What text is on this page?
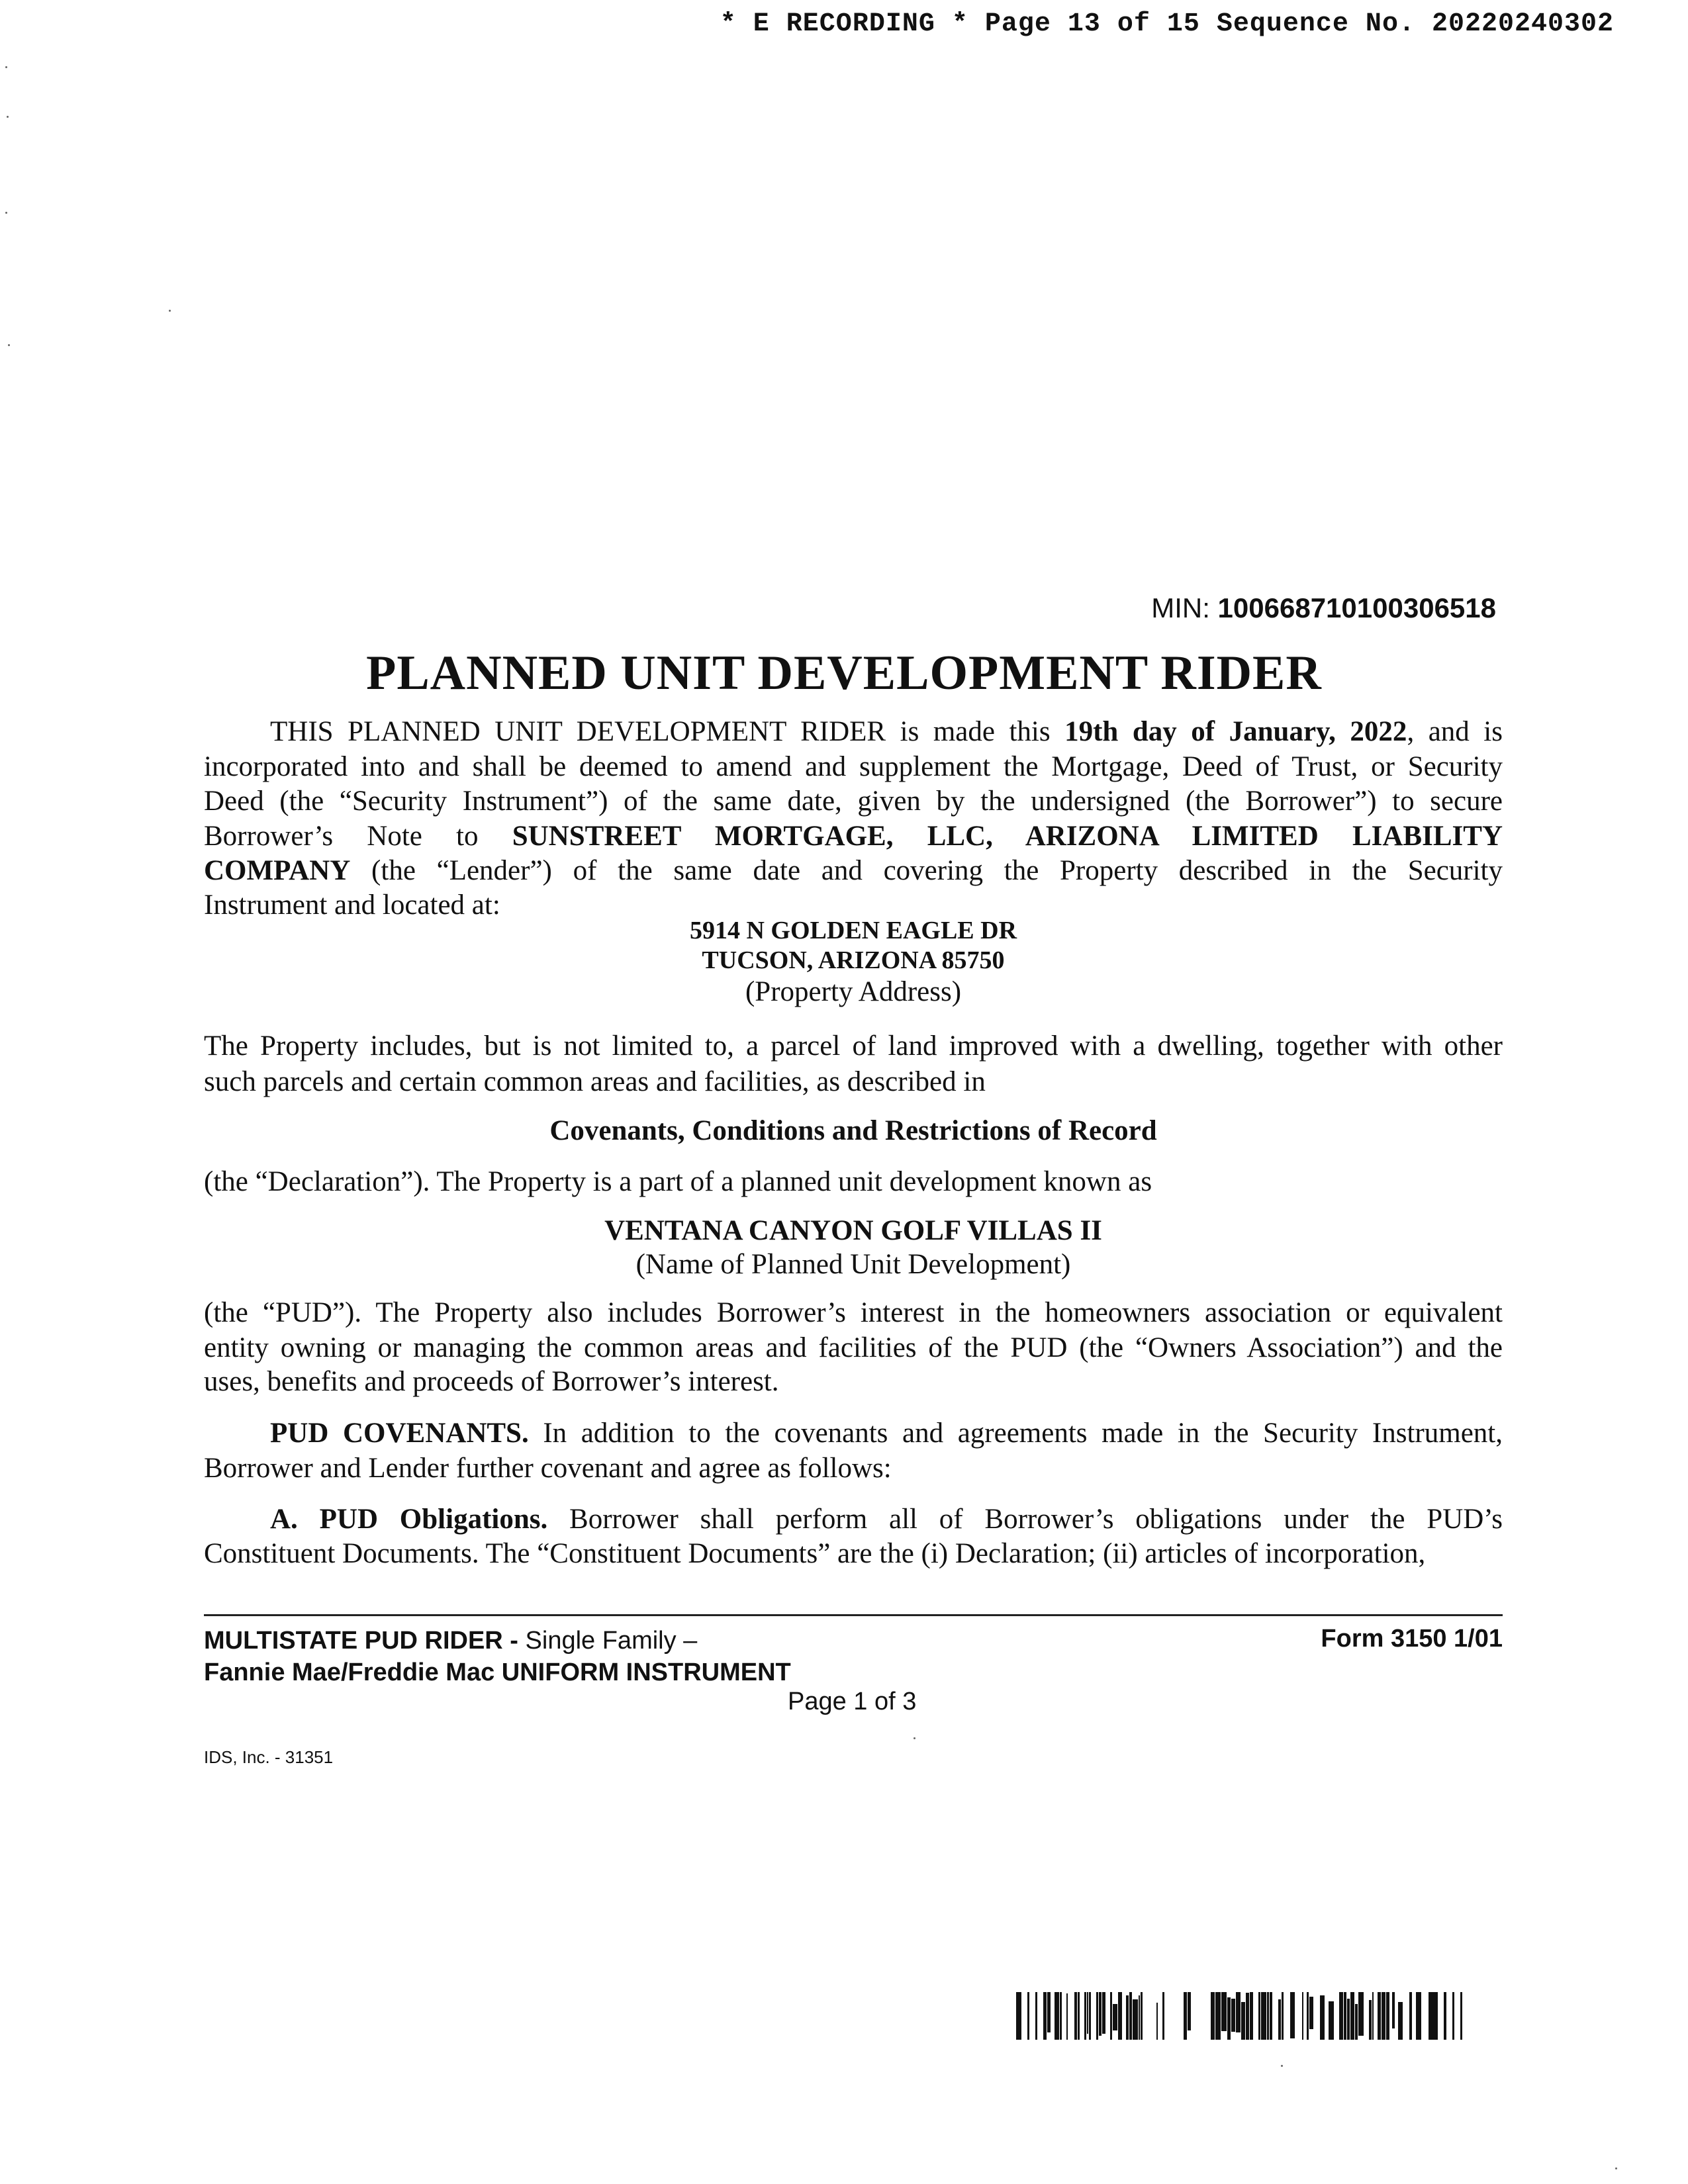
* E RECORDING * Page 13 of 15 Sequence No. 20220240302
MIN: 100668710100306518
PLANNED UNIT DEVELOPMENT RIDER
THIS PLANNED UNIT DEVELOPMENT RIDER is made this 19th day of January, 2022, and is
incorporated into and shall be deemed to amend and supplement the Mortgage, Deed of Trust, or Security
Deed (the “Security Instrument”) of the same date, given by the undersigned (the Borrower”) to secure
Borrower’s Note to SUNSTREET MORTGAGE, LLC, ARIZONA LIMITED LIABILITY
COMPANY (the “Lender”) of the same date and covering the Property described in the Security
Instrument and located at:
5914 N GOLDEN EAGLE DR
TUCSON, ARIZONA 85750
(Property Address)
The Property includes, but is not limited to, a parcel of land improved with a dwelling, together with other
such parcels and certain common areas and facilities, as described in
Covenants, Conditions and Restrictions of Record
(the “Declaration”). The Property is a part of a planned unit development known as
VENTANA CANYON GOLF VILLAS II
(Name of Planned Unit Development)
(the “PUD”). The Property also includes Borrower’s interest in the homeowners association or equivalent
entity owning or managing the common areas and facilities of the PUD (the “Owners Association”) and the
uses, benefits and proceeds of Borrower’s interest.
PUD COVENANTS. In addition to the covenants and agreements made in the Security Instrument,
Borrower and Lender further covenant and agree as follows:
A. PUD Obligations. Borrower shall perform all of Borrower’s obligations under the PUD’s
Constituent Documents. The “Constituent Documents” are the (i) Declaration; (ii) articles of incorporation,
MULTISTATE PUD RIDER - Single Family –
Fannie Mae/Freddie Mac UNIFORM INSTRUMENT
Form 3150 1/01
Page 1 of 3
IDS, Inc. - 31351
